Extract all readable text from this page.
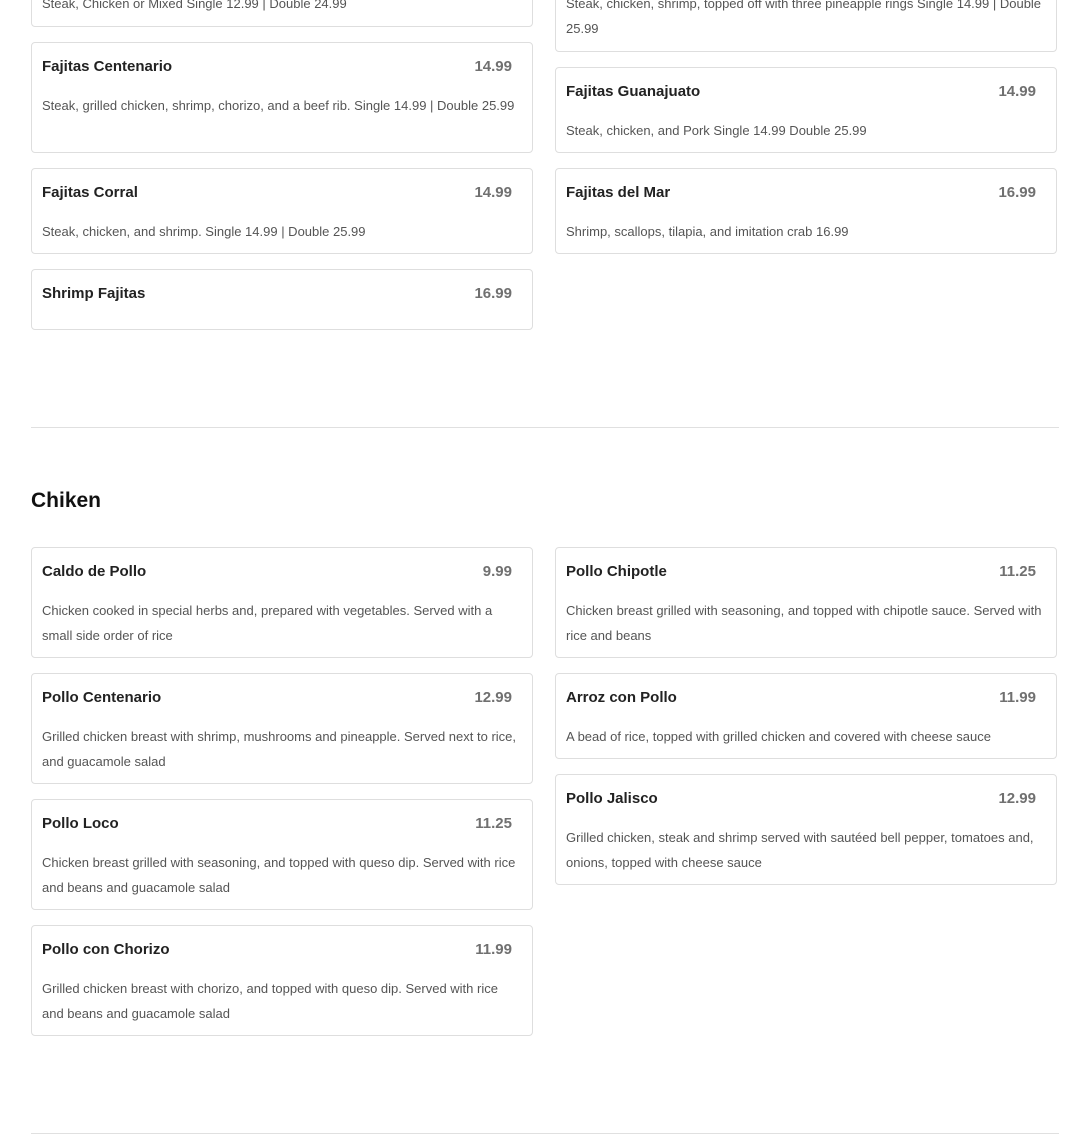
Steak, Chicken or Mixed Single 12.99 | Double 24.99
Fajitas Centenario	14.99
Steak, grilled chicken, shrimp, chorizo, and a beef rib. Single 14.99 | Double 25.99
Fajitas Corral	14.99
Steak, chicken, and shrimp. Single 14.99 | Double 25.99
Shrimp Fajitas	16.99
Steak, chicken, shrimp, topped off with three pineapple rings Single 14.99 | Double 25.99
Fajitas Guanajuato	14.99
Steak, chicken, and Pork Single 14.99 Double 25.99
Fajitas del Mar	16.99
Shrimp, scallops, tilapia, and imitation crab 16.99
Chiken
Caldo de Pollo	9.99
Chicken cooked in special herbs and, prepared with vegetables. Served with a small side order of rice
Pollo Centenario	12.99
Grilled chicken breast with shrimp, mushrooms and pineapple. Served next to rice, and guacamole salad
Pollo Loco	11.25
Chicken breast grilled with seasoning, and topped with queso dip. Served with rice and beans and guacamole salad
Pollo con Chorizo	11.99
Grilled chicken breast with chorizo, and topped with queso dip. Served with rice and beans and guacamole salad
Pollo Chipotle	11.25
Chicken breast grilled with seasoning, and topped with chipotle sauce. Served with rice and beans
Arroz con Pollo	11.99
A bead of rice, topped with grilled chicken and covered with cheese sauce
Pollo Jalisco	12.99
Grilled chicken, steak and shrimp served with sautéed bell pepper, tomatoes and, onions, topped with cheese sauce
